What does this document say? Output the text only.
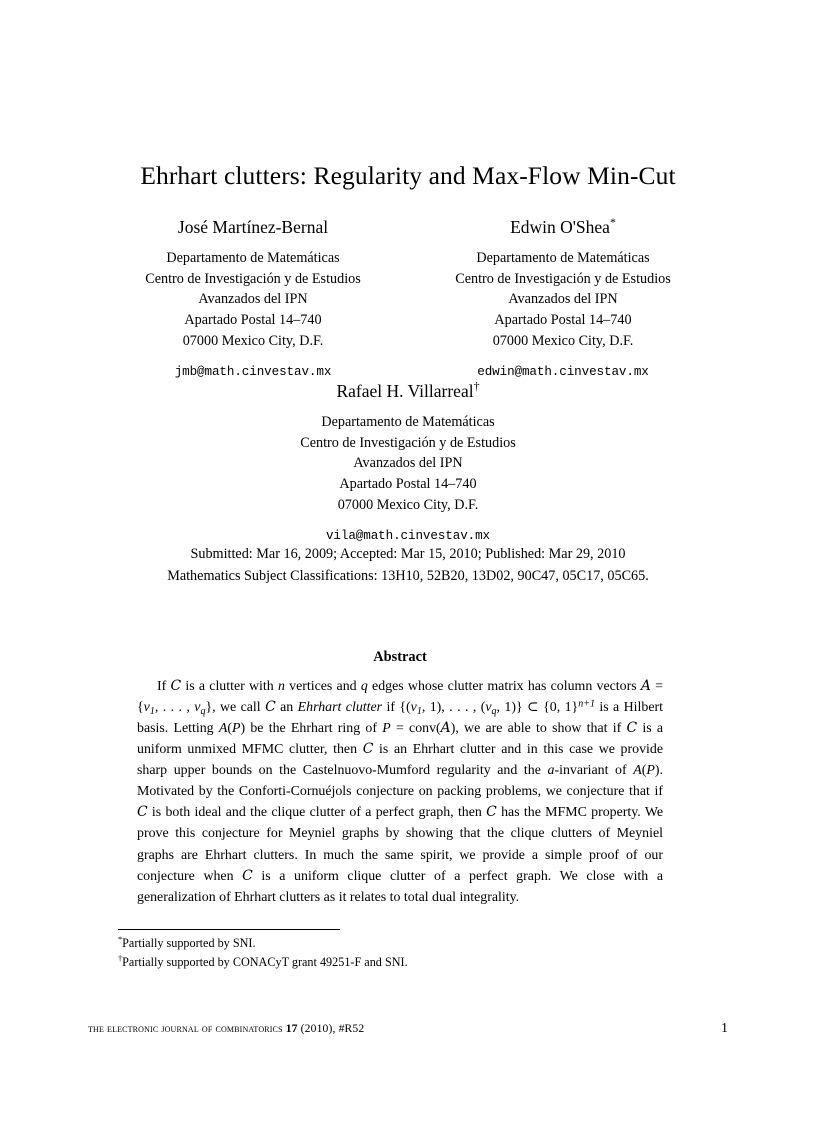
Ehrhart clutters: Regularity and Max-Flow Min-Cut
José Martínez-Bernal
Departamento de Matemáticas
Centro de Investigación y de Estudios
Avanzados del IPN
Apartado Postal 14–740
07000 Mexico City, D.F.
jmb@math.cinvestav.mx
Edwin O'Shea*
Departamento de Matemáticas
Centro de Investigación y de Estudios
Avanzados del IPN
Apartado Postal 14–740
07000 Mexico City, D.F.
edwin@math.cinvestav.mx
Rafael H. Villarreal†
Departamento de Matemáticas
Centro de Investigación y de Estudios
Avanzados del IPN
Apartado Postal 14–740
07000 Mexico City, D.F.
vila@math.cinvestav.mx
Submitted: Mar 16, 2009; Accepted: Mar 15, 2010; Published: Mar 29, 2010
Mathematics Subject Classifications: 13H10, 52B20, 13D02, 90C47, 05C17, 05C65.
Abstract
If C is a clutter with n vertices and q edges whose clutter matrix has column vectors $A = \{v_1$, . . . , $v_q$}, we call C an Ehrhart clutter if {($v_1$, 1), . . . , ($v_q$, 1)} ⊂ {0, 1}$^{n+1}$ is a Hilbert basis. Letting A(P) be the Ehrhart ring of P = conv(A), we are able to show that if C is a uniform unmixed MFMC clutter, then C is an Ehrhart clutter and in this case we provide sharp upper bounds on the Castelnuovo-Mumford regularity and the a-invariant of A(P). Motivated by the Conforti-Cornuéjols conjecture on packing problems, we conjecture that if C is both ideal and the clique clutter of a perfect graph, then C has the MFMC property. We prove this conjecture for Meyniel graphs by showing that the clique clutters of Meyniel graphs are Ehrhart clutters. In much the same spirit, we provide a simple proof of our conjecture when C is a uniform clique clutter of a perfect graph. We close with a generalization of Ehrhart clutters as it relates to total dual integrality.
*Partially supported by SNI.
†Partially supported by CONACyT grant 49251-F and SNI.
the electronic journal of combinatorics 17 (2010), #R52	1
